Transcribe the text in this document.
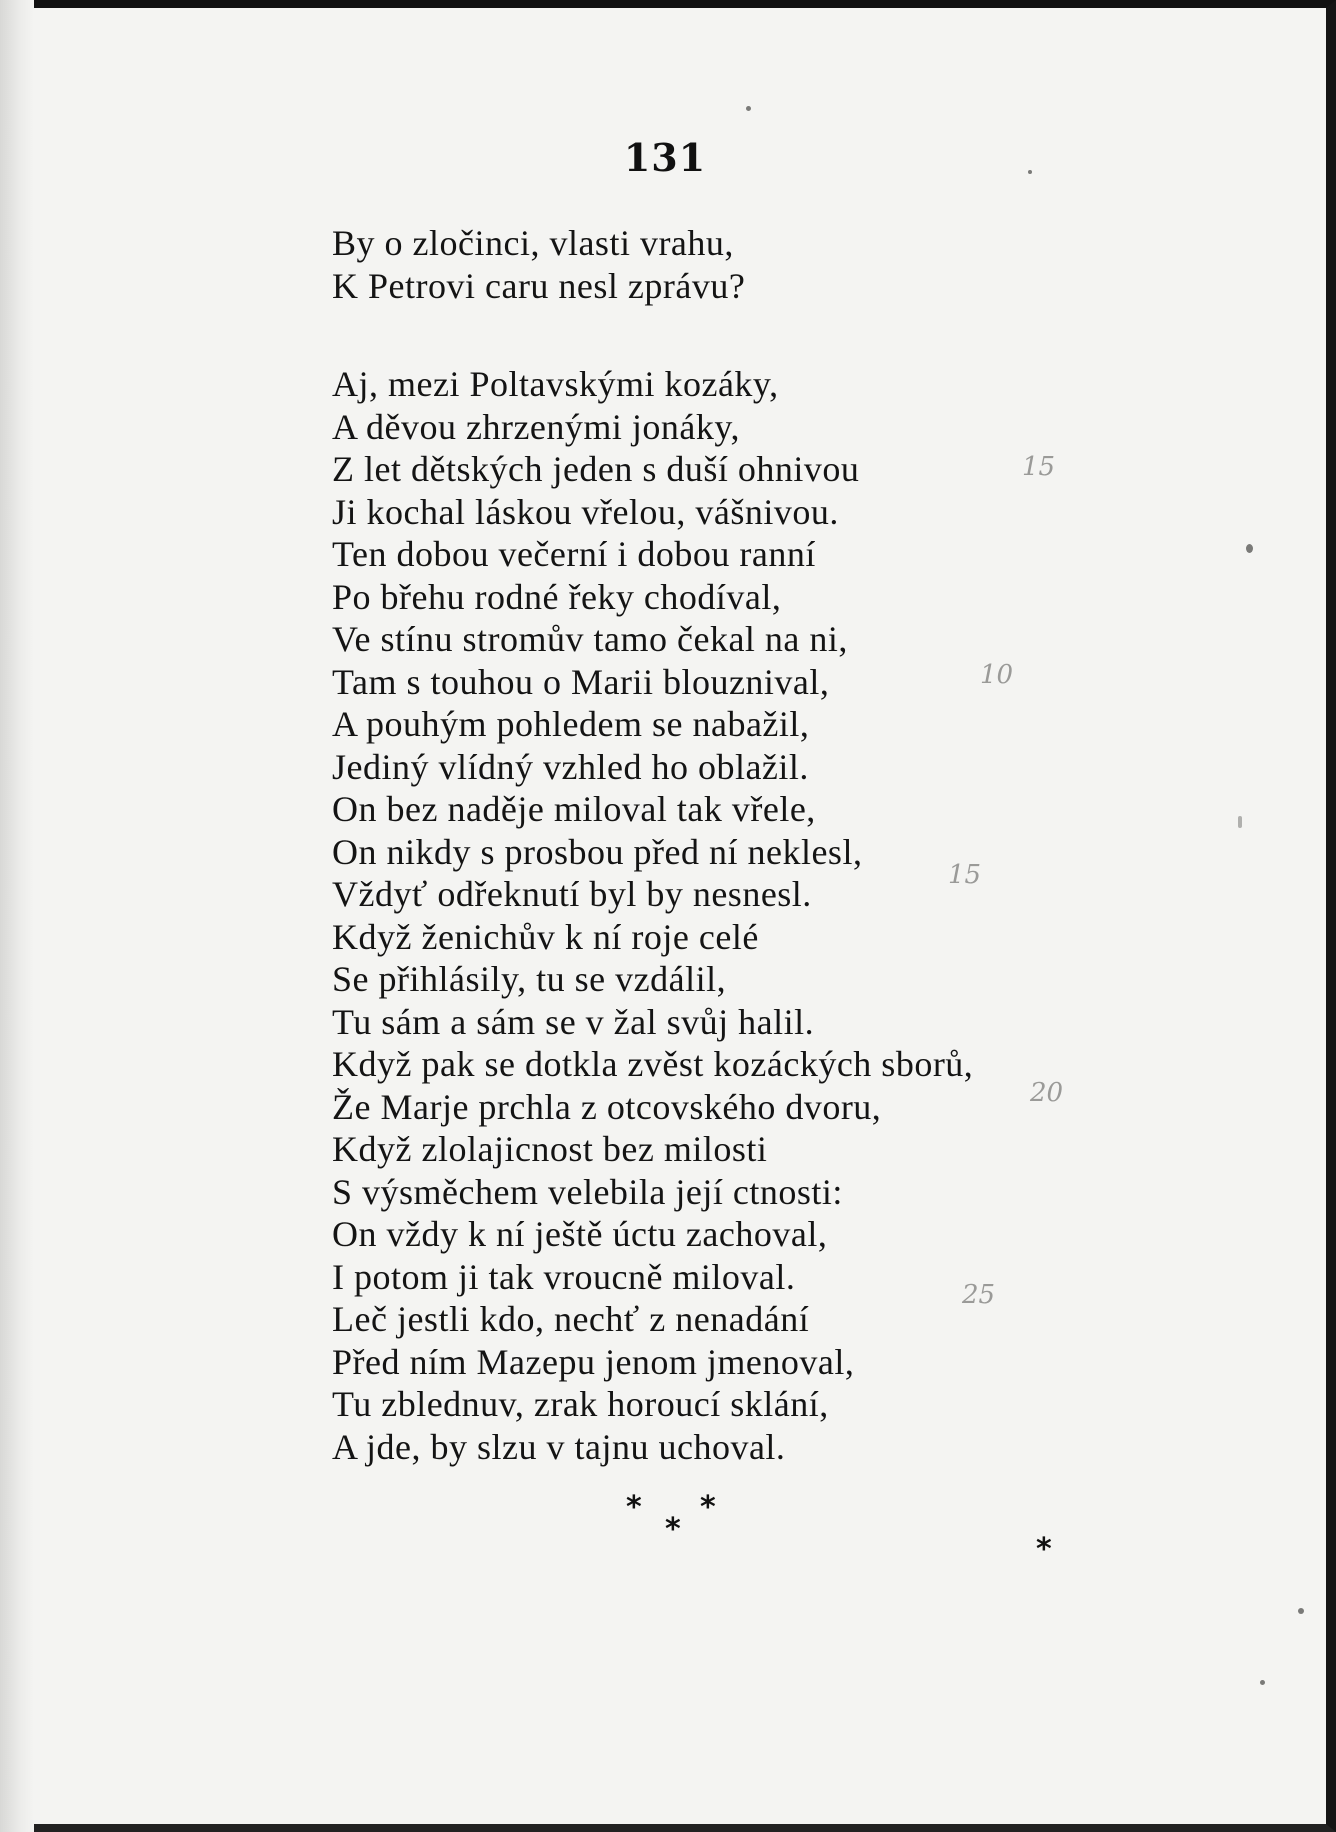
131
By o zločinci, vlasti vrahu,
K Petrovi caru nesl zprávu?
Aj, mezi Poltavskými kozáky,
A děvou zhrzenými jonáky,
Z let dětských jeden s duší ohnivou
Ji kochal láskou vřelou, vášnivou.
Ten dobou večerní i dobou ranní
Po břehu rodné řeky chodíval,
Ve stínu stromův tamo čekal na ni,
Tam s touhou o Marii blouznival,
A pouhým pohledem se nabažil,
Jediný vlídný vzhled ho oblažil.
On bez naděje miloval tak vřele,
On nikdy s prosbou před ní neklesl,
Vždyť odřeknutí byl by nesnesl.
Když ženichův k ní roje celé
Se přihlásily, tu se vzdálil,
Tu sám a sám se v žal svůj halil.
Když pak se dotkla zvěst kozáckých sborů,
Že Marje prchla z otcovského dvoru,
Když zlolajicnost bez milosti
S výsměchem velebila její ctnosti:
On vždy k ní ještě úctu zachoval,
I potom ji tak vroucně miloval.
Leč jestli kdo, nechť z nenadání
Před ním Mazepu jenom jmenoval,
Tu zblednuv, zrak horoucí sklání,
A jde, by slzu v tajnu uchoval.
15
10
15
20
25
*
*
*
*
